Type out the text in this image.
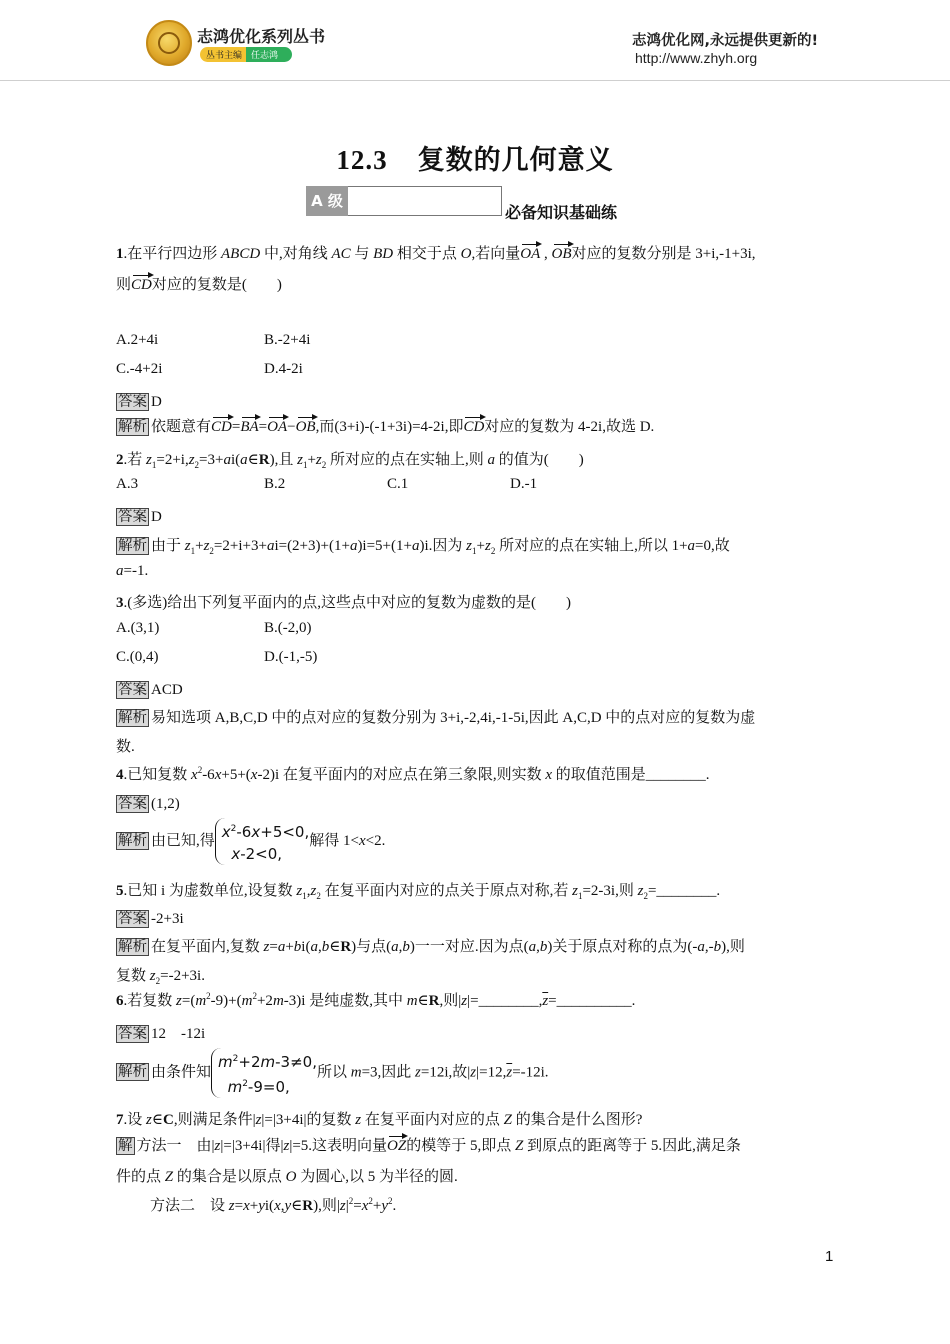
志鸿优化系列丛书
丛书主编 任志鸿
志鸿优化网,永远提供更新的!
http://www.zhyh.org
12.3 复数的几何意义
A 级
必备知识基础练
1.在平行四边形 ABCD 中,对角线 AC 与 BD 相交于点 O,若向量OA , OB对应的复数分别是 3+i,-1+3i,
则CD对应的复数是(　　)
A.2+4i	B.-2+4i
C.-4+2i	D.4-2i
答案 D
解析 依题意有CD=BA=OA−OB,而(3+i)-(-1+3i)=4-2i,即CD对应的复数为 4-2i,故选 D.
2.若 $z_1=2+i,z_2=3+ai(a\in R)$,且 $z_1+z_2$ 所对应的点在实轴上,则 a 的值为(　　)
A.3	B.2	C.1	D.-1
答案 D
解析 由于 $z_1+z_2=2+i+3+ai=(2+3)+(1+a)i=5+(1+a)i$.因为 $z_1+z_2$ 所对应的点在实轴上,所以 1+a=0,故
a=-1.
3.(多选)给出下列复平面内的点,这些点中对应的复数为虚数的是(　　)
A.(3,1)	B.(-2,0)
C.(0,4)	D.(-1,-5)
答案 ACD
解析 易知选项 A,B,C,D 中的点对应的复数分别为 3+i,-2,4i,-1-5i,因此 A,C,D 中的点对应的复数为虚
数.
4.已知复数 $x^2-6x+5+(x-2)i$ 在复平面内的对应点在第三象限,则实数 x 的取值范围是________.
答案 (1,2)
解析 由已知,得 $x^2-6x+5<0$,
x-2<0,解得 1<x<2.
5.已知 i 为虚数单位,设复数 $z_1,z_2$ 在复平面内对应的点关于原点对称,若 $z_1=2-3i$,则 $z_2=\_\_\_\_\_\_\_\_$.
答案 -2+3i
解析 在复平面内,复数 z=a+bi(a,b∈R)与点(a,b)一一对应.因为点(a,b)关于原点对称的点为(-a,-b),则
复数 $z_2=-2+3i$.
6.若复数 $z=(m^2-9)+(m^2+2m-3)i$ 是纯虚数,其中 m∈R,则$|z|=\_\_\_\_\_\_\_\_,\overline{z}=\_\_\_\_\_\_\_\_\_\_$.
答案 12　-12i
解析 由条件知$m^2+2m-3\ne 0$,
$m^2-9=0$,所以 m=3,因此 z=12i,故$|z|=12,\overline{z}=-12i$.
7.设 z∈C,则满足条件|z|=|3+4i|的复数 z 在复平面内对应的点 Z 的集合是什么图形?
解 方法一　由|z|=|3+4i|得|z|=5.这表明向量OZ的模等于 5,即点 Z 到原点的距离等于 5.因此,满足条
件的点 Z 的集合是以原点 O 为圆心,以 5 为半径的圆.
方法二　设 z=x+yi(x,y∈R),则$|z|^2=x^2+y^2$.
1
